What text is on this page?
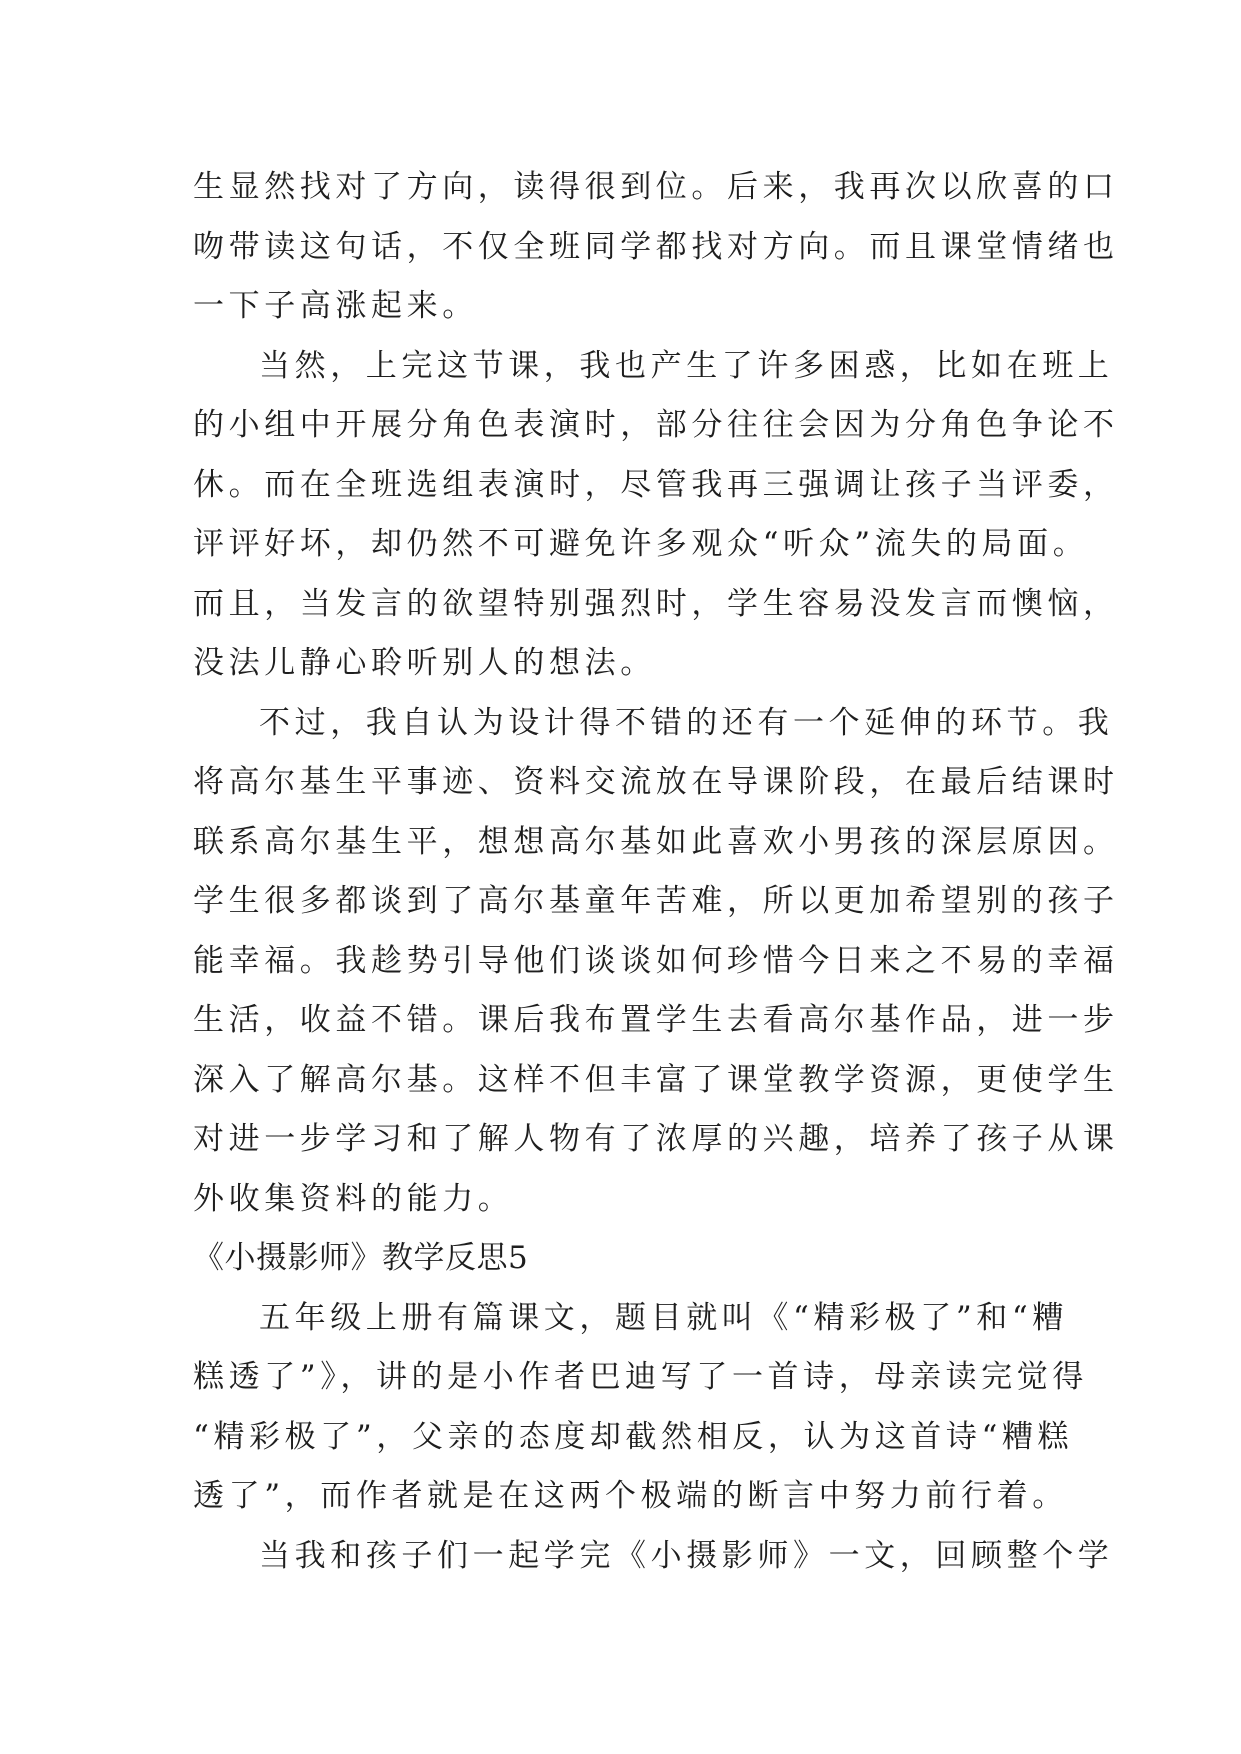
生显然找对了方向，读得很到位。后来，我再次以欣喜的口
吻带读这句话，不仅全班同学都找对方向。而且课堂情绪也
一下子高涨起来。
当然，上完这节课，我也产生了许多困惑，比如在班上
的小组中开展分角色表演时，部分往往会因为分角色争论不
休。而在全班选组表演时，尽管我再三强调让孩子当评委，
评评好坏，却仍然不可避免许多观众“听众”流失的局面。
而且，当发言的欲望特别强烈时，学生容易没发言而懊恼，
没法儿静心聆听别人的想法。
不过，我自认为设计得不错的还有一个延伸的环节。我
将高尔基生平事迹、资料交流放在导课阶段，在最后结课时
联系高尔基生平，想想高尔基如此喜欢小男孩的深层原因。
学生很多都谈到了高尔基童年苦难，所以更加希望别的孩子
能幸福。我趁势引导他们谈谈如何珍惜今日来之不易的幸福
生活，收益不错。课后我布置学生去看高尔基作品，进一步
深入了解高尔基。这样不但丰富了课堂教学资源，更使学生
对进一步学习和了解人物有了浓厚的兴趣，培养了孩子从课
外收集资料的能力。
《小摄影师》教学反思5
五年级上册有篇课文，题目就叫《“精彩极了”和“糟
糕透了”》，讲的是小作者巴迪写了一首诗，母亲读完觉得
“精彩极了”，父亲的态度却截然相反，认为这首诗“糟糕
透了”，而作者就是在这两个极端的断言中努力前行着。
当我和孩子们一起学完《小摄影师》一文，回顾整个学
